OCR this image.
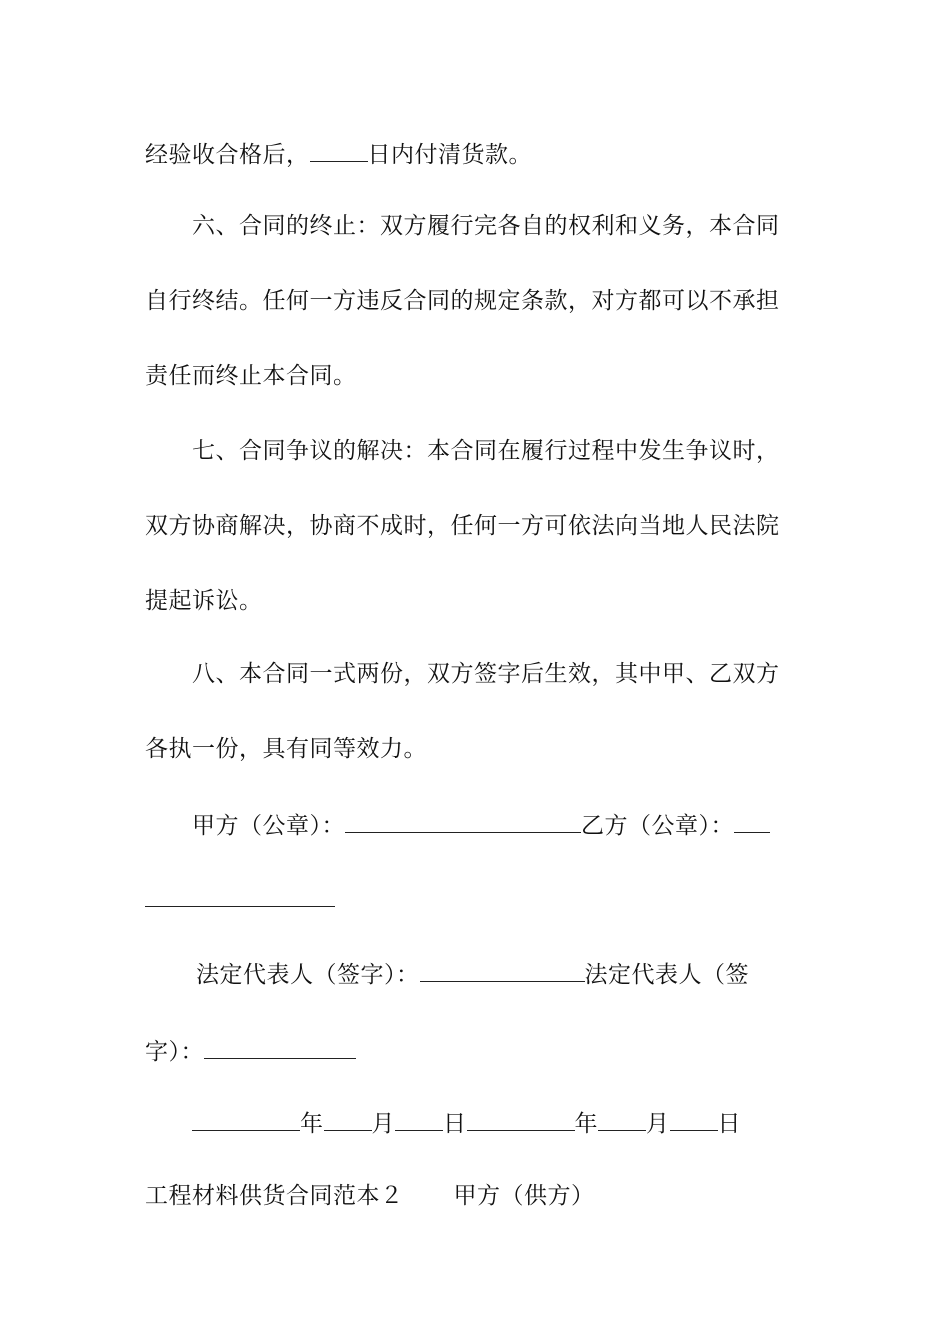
经验收合格后，	日内付清货款。
六、合同的终止：双方履行完各自的权利和义务，本合同
自行终结。任何一方违反合同的规定条款，对方都可以不承担
责任而终止本合同。
七、合同争议的解决：本合同在履行过程中发生争议时，
双方协商解决，协商不成时，任何一方可依法向当地人民法院
提起诉讼。
八、本合同一式两份，双方签字后生效，其中甲、乙双方
各执一份，具有同等效力。
甲方（公章）：	乙方（公章）：
法定代表人（签字）：	法定代表人（签
字）：
年 月 日	年 月 日
工程材料供货合同范本２ 甲方（供方）
